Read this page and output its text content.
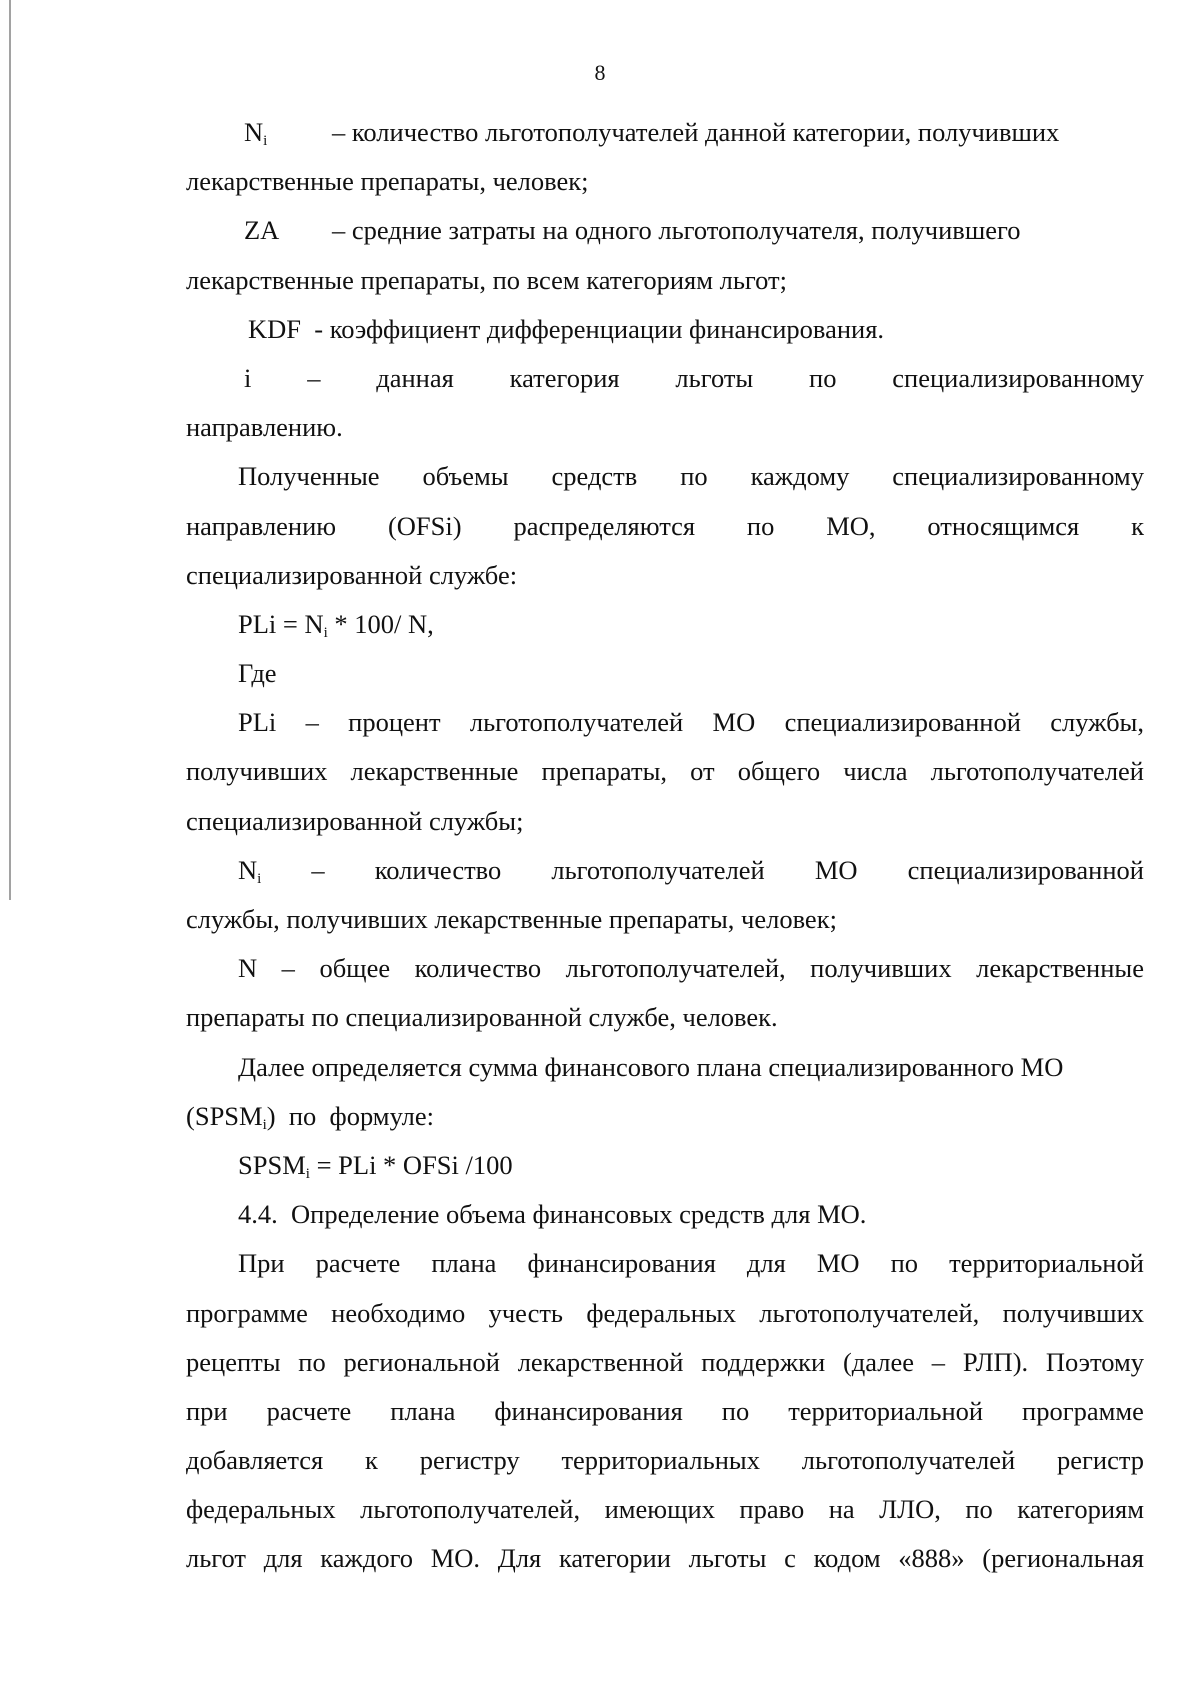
8
$N_i$ – количество льготополучателей данной категории, получивших
лекарственные препараты, человек;
ZA – средние затраты на одного льготополучателя, получившего
лекарственные препараты, по всем категориям льгот;
KDF  - коэффициент дифференциации финансирования.
i – данная категория льготы по специализированному
направлению.
Полученные объемы средств по каждому специализированному
направлению (OFSi) распределяются по МО, относящимся к
специализированной службе:
PLi = $N_i * 100/$ N,
Где
PLi – процент льготополучателей МО специализированной службы,
получивших лекарственные препараты, от общего числа льготополучателей
специализированной службы;
$N_i$ – количество льготополучателей МО специализированной
службы, получивших лекарственные препараты, человек;
N – общее количество льготополучателей, получивших лекарственные
препараты по специализированной службе, человек.
Далее определяется сумма финансового плана специализированного МО
$(SPSM_i)$  по  формуле:
$SPSM_i$ = PLi * OFSi /100
4.4.  Определение объема финансовых средств для МО.
При расчете плана финансирования для МО по территориальной
программе необходимо учесть федеральных льготополучателей, получивших
рецепты по региональной лекарственной поддержки (далее – РЛП). Поэтому
при расчете плана финансирования по территориальной программе
добавляется к регистру территориальных льготополучателей регистр
федеральных льготополучателей, имеющих право на ЛЛО, по категориям
льгот для каждого МО. Для категории льготы с кодом «888» (региональная
